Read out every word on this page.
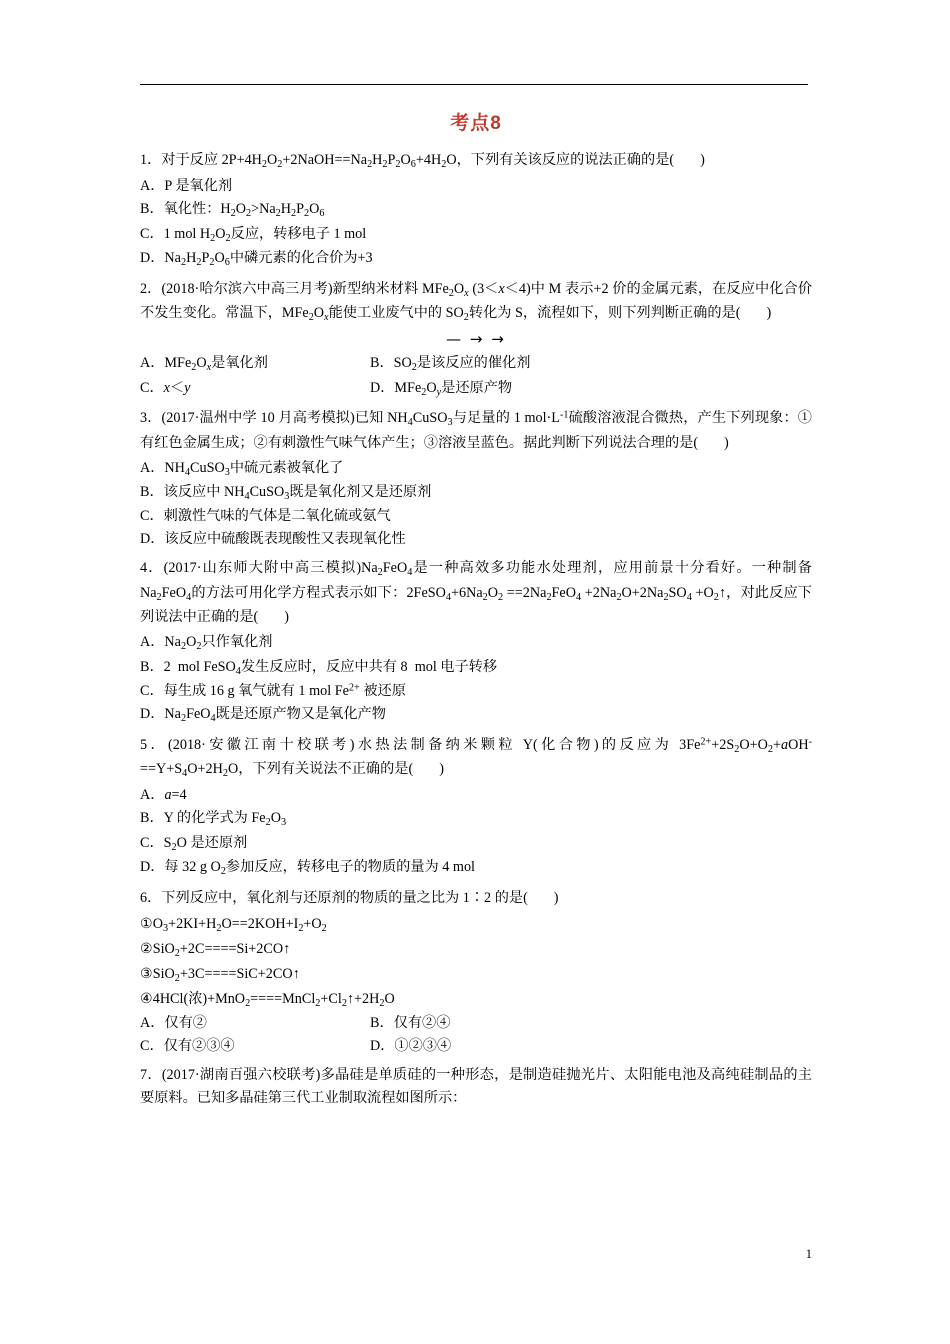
考点8
1．对于反应 $2P+4H_2O_2+2NaOH==Na_2H_2P_2O_6+4H_2O$，下列有关该反应的说法正确的是( )
A．P 是氧化剂
B．氧化性：$H_2O_2>Na_2H_2P_2O_6$
C．1 mol $H_2O_2$反应，转移电子 1 mol
D．$Na_2H_2P_2O_6$中磷元素的化合价为+3
2．(2018·哈尔滨六中高三月考)新型纳米材料 $MFe_2O_x$ (3＜x＜4)中 M 表示+2 价的金属元素，在反应中化合价不发生变化。常温下，$MFe_2O_x$能使工业废气中的 $SO_2$转化为 S，流程如下，则下列判断正确的是( )
— → →
A．$MFe_2O_x$是氧化剂	B．$SO_2$是该反应的催化剂
C．x＜y	D．$MFe_2O_y$是还原产物
3．(2017·温州中学 10 月高考模拟)已知 $NH_4CuSO_3$与足量的 1 $mol\cdot L^{-1}$硫酸溶液混合微热，产生下列现象：①有红色金属生成；②有刺激性气味气体产生；③溶液呈蓝色。据此判断下列说法合理的是( )
A．$NH_4CuSO_3$中硫元素被氧化了
B．该反应中 $NH_4CuSO_3$既是氧化剂又是还原剂
C．刺激性气味的气体是二氧化硫或氨气
D．该反应中硫酸既表现酸性又表现氧化性
4．(2017·山东师大附中高三模拟)$Na_2FeO_4$是一种高效多功能水处理剂，应用前景十分看好。一种制备 $Na_2FeO_4$的方法可用化学方程式表示如下：$2FeSO_4+6Na_2O_2 ==2Na_2FeO_4 +2Na_2O+2Na_2SO_4$ $+O_2↑$，对此反应下列说法中正确的是( )
A．$Na_2O_2$只作氧化剂
B．2  mol FeSO$_4$发生反应时，反应中共有 8  mol 电子转移
C．每生成 16 g 氧气就有 1 mol $Fe^{2+}$ 被还原
D．$Na_2FeO_4$既是还原产物又是氧化产物
5．(2018·安徽江南十校联考)水热法制备纳米颗粒 Y(化合物)的反应为 $3Fe^{2+}+2S_2O+O_2+aOH^-==Y+S_4O+2H_2O$，下列有关说法不正确的是( )
A．a=4
B．Y 的化学式为 $Fe_2O_3$
C．$S_2O$ 是还原剂
D．每 32 g $O_2$参加反应，转移电子的物质的量为 4 mol
6．下列反应中，氧化剂与还原剂的物质的量之比为 1∶2 的是( )
$①O_3+2KI+H_2O==2KOH+I_2+O_2$
②SiO$_2$+2C====Si+2CO↑
③SiO$_2$+3C====SiC+2CO↑
④4HCl(浓)$+MnO_2====MnCl_2+Cl_2↑+2H_2O$
A．仅有②	B．仅有②④
C．仅有②③④	D．①②③④
7．(2017·湖南百强六校联考)多晶硅是单质硅的一种形态，是制造硅抛光片、太阳能电池及高纯硅制品的主要原料。已知多晶硅第三代工业制取流程如图所示：
1
